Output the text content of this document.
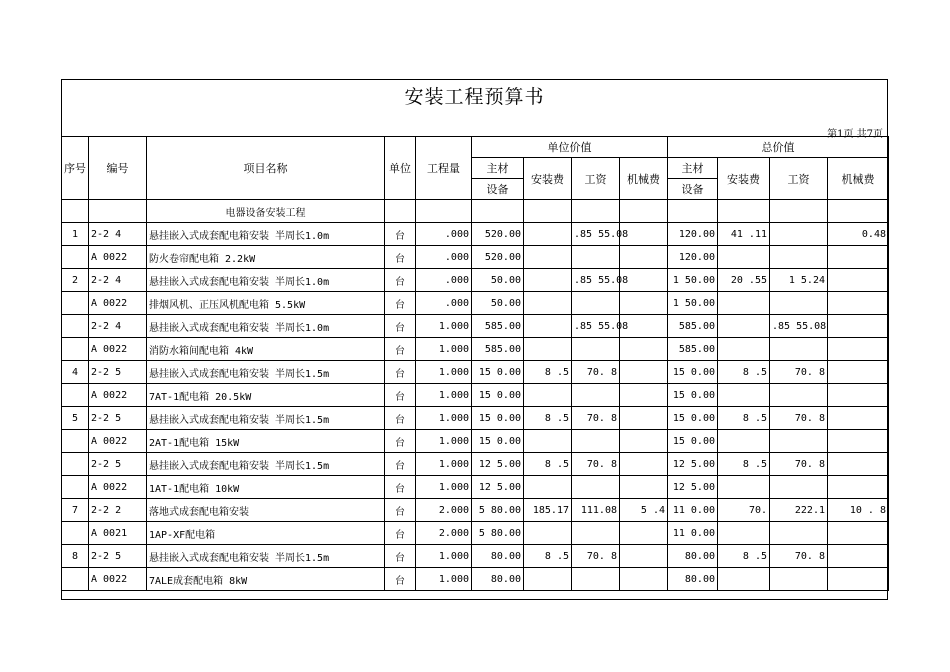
安装工程预算书
第1页 共7页
序号	编号	项目名称	单位	工程量	单位价值				总价值			
					主材	安装费	工资	机械费	主材	安装费	工资	机械费
					设备				设备			
		电器设备安装工程										
1	2-2 4	悬挂嵌入式成套配电箱安装 半周长1.0m	台	.000	520.00		.85 55.08		120.00	41 .11		0.48
	A 0022	防火卷帘配电箱 2.2kW	台	.000	520.00				120.00			
2	2-2 4	悬挂嵌入式成套配电箱安装 半周长1.0m	台	.000	50.00		.85 55.08		1 50.00	20 .55	1 5.24	
	A 0022	排烟风机、正压风机配电箱 5.5kW	台	.000	50.00				1 50.00			
	2-2 4	悬挂嵌入式成套配电箱安装 半周长1.0m	台	1.000	585.00		.85 55.08		585.00		.85 55.08	
	A 0022	消防水箱间配电箱 4kW	台	1.000	585.00				585.00			
4	2-2 5	悬挂嵌入式成套配电箱安装 半周长1.5m	台	1.000	15 0.00	8 .5	70. 8		15 0.00	8 .5	70. 8	
	A 0022	7AT-1配电箱 20.5kW	台	1.000	15 0.00				15 0.00			
5	2-2 5	悬挂嵌入式成套配电箱安装 半周长1.5m	台	1.000	15 0.00	8 .5	70. 8		15 0.00	8 .5	70. 8	
	A 0022	2AT-1配电箱 15kW	台	1.000	15 0.00				15 0.00			
	2-2 5	悬挂嵌入式成套配电箱安装 半周长1.5m	台	1.000	12 5.00	8 .5	70. 8		12 5.00	8 .5	70. 8	
	A 0022	1AT-1配电箱 10kW	台	1.000	12 5.00				12 5.00			
7	2-2 2	落地式成套配电箱安装	台	2.000	5 80.00	185.17	111.08	5 .4	11 0.00	70.	222.1	10 . 8
	A 0021	1AP-XF配电箱	台	2.000	5 80.00				11 0.00			
8	2-2 5	悬挂嵌入式成套配电箱安装 半周长1.5m	台	1.000	80.00	8 .5	70. 8		80.00	8 .5	70. 8	
	A 0022	7ALE成套配电箱 8kW	台	1.000	80.00				80.00			
